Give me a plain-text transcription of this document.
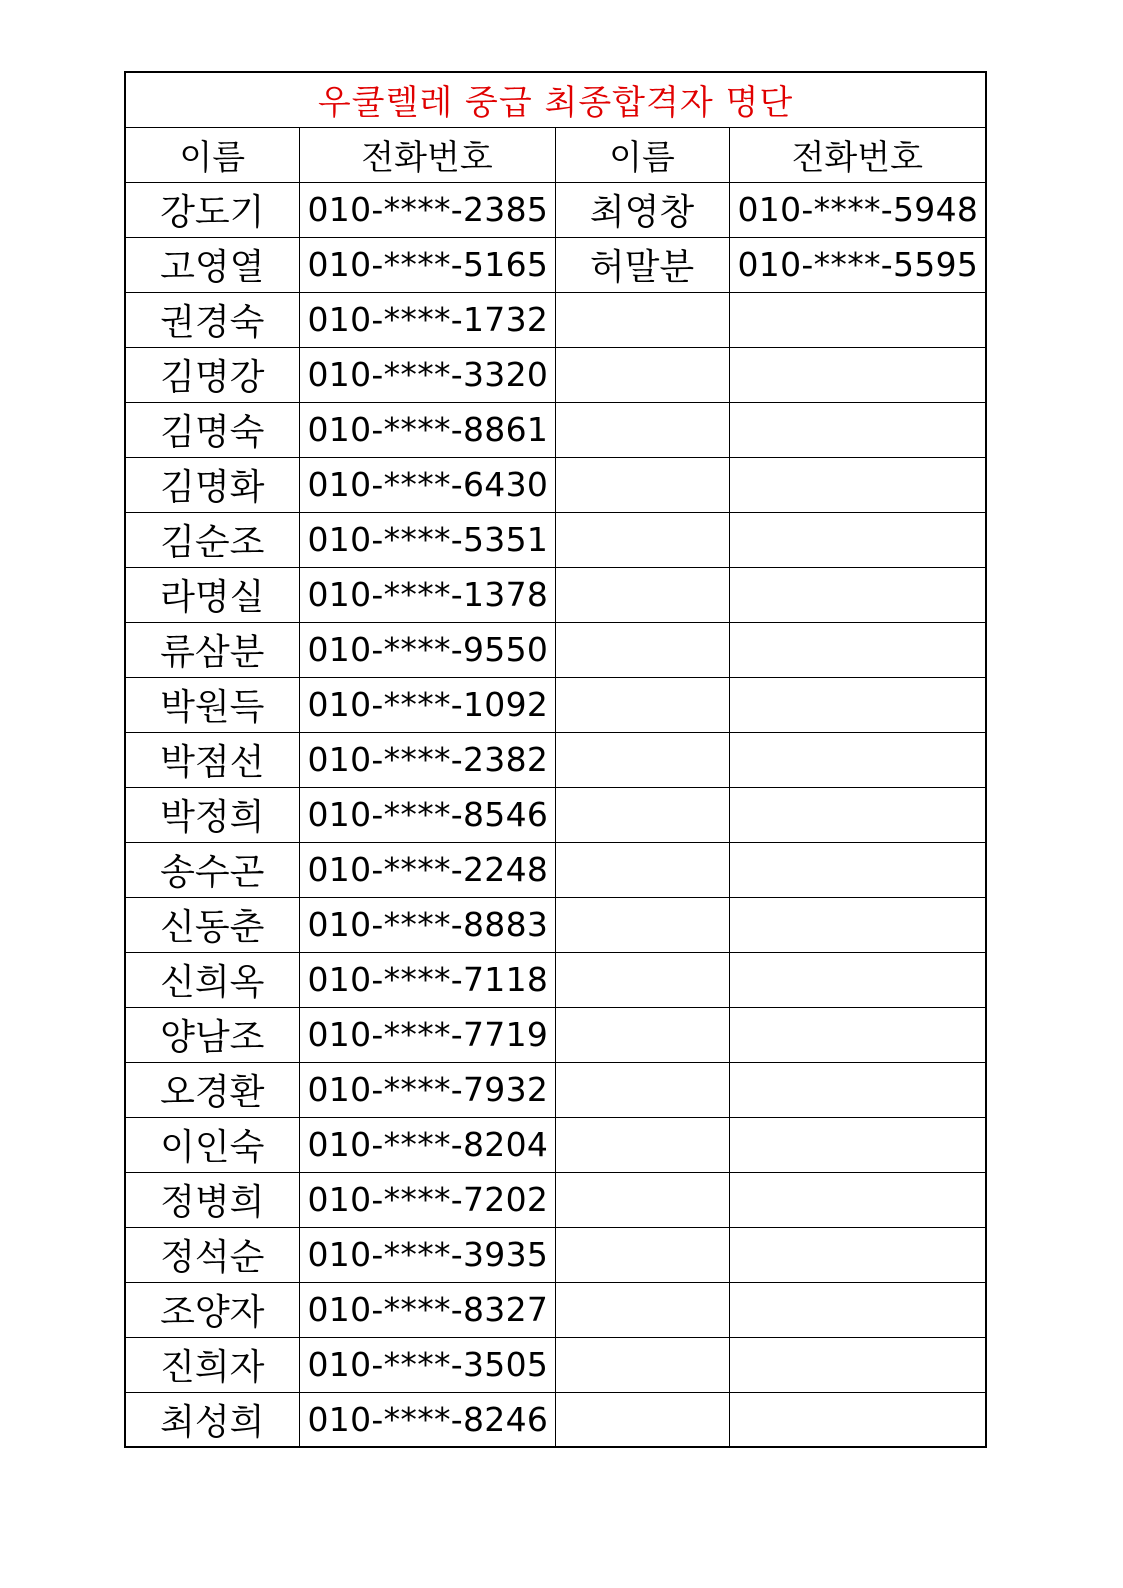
우쿨렐레 중급 최종합격자 명단			
이름	전화번호	이름	전화번호
강도기	010-****-2385	최영창	010-****-5948
고영열	010-****-5165	허말분	010-****-5595
권경숙	010-****-1732		
김명강	010-****-3320		
김명숙	010-****-8861		
김명화	010-****-6430		
김순조	010-****-5351		
라명실	010-****-1378		
류삼분	010-****-9550		
박원득	010-****-1092		
박점선	010-****-2382		
박정희	010-****-8546		
송수곤	010-****-2248		
신동춘	010-****-8883		
신희옥	010-****-7118		
양남조	010-****-7719		
오경환	010-****-7932		
이인숙	010-****-8204		
정병희	010-****-7202		
정석순	010-****-3935		
조양자	010-****-8327		
진희자	010-****-3505		
최성희	010-****-8246		
